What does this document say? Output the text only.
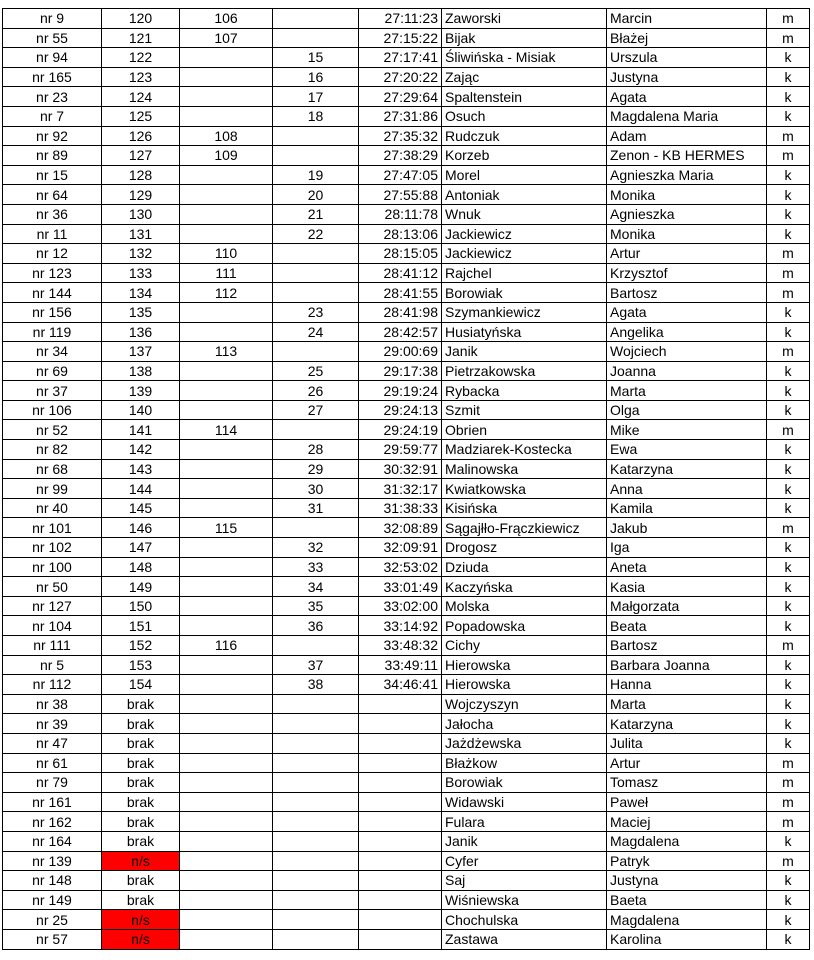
nr 9	120	106		27:11:23	Zaworski	Marcin	m
nr 55	121	107		27:15:22	Bijak	Błażej	m
nr 94	122		15	27:17:41	Śliwińska - Misiak	Urszula	k
nr 165	123		16	27:20:22	Zając	Justyna	k
nr 23	124		17	27:29:64	Spaltenstein	Agata	k
nr 7	125		18	27:31:86	Osuch	Magdalena Maria	k
nr 92	126	108		27:35:32	Rudczuk	Adam	m
nr 89	127	109		27:38:29	Korzeb	Zenon - KB HERMES	m
nr 15	128		19	27:47:05	Morel	Agnieszka Maria	k
nr 64	129		20	27:55:88	Antoniak	Monika	k
nr 36	130		21	28:11:78	Wnuk	Agnieszka	k
nr 11	131		22	28:13:06	Jackiewicz	Monika	k
nr 12	132	110		28:15:05	Jackiewicz	Artur	m
nr 123	133	111		28:41:12	Rajchel	Krzysztof	m
nr 144	134	112		28:41:55	Borowiak	Bartosz	m
nr 156	135		23	28:41:98	Szymankiewicz	Agata	k
nr 119	136		24	28:42:57	Husiatyńska	Angelika	k
nr 34	137	113		29:00:69	Janik	Wojciech	m
nr 69	138		25	29:17:38	Pietrzakowska	Joanna	k
nr 37	139		26	29:19:24	Rybacka	Marta	k
nr 106	140		27	29:24:13	Szmit	Olga	k
nr 52	141	114		29:24:19	Obrien	Mike	m
nr 82	142		28	29:59:77	Madziarek-Kostecka	Ewa	k
nr 68	143		29	30:32:91	Malinowska	Katarzyna	k
nr 99	144		30	31:32:17	Kwiatkowska	Anna	k
nr 40	145		31	31:38:33	Kisińska	Kamila	k
nr 101	146	115		32:08:89	Sągajłło-Frączkiewicz	Jakub	m
nr 102	147		32	32:09:91	Drogosz	Iga	k
nr 100	148		33	32:53:02	Dziuda	Aneta	k
nr 50	149		34	33:01:49	Kaczyńska	Kasia	k
nr 127	150		35	33:02:00	Molska	Małgorzata	k
nr 104	151		36	33:14:92	Popadowska	Beata	k
nr 111	152	116		33:48:32	Cichy	Bartosz	m
nr 5	153		37	33:49:11	Hierowska	Barbara Joanna	k
nr 112	154		38	34:46:41	Hierowska	Hanna	k
nr 38	brak				Wojczyszyn	Marta	k
nr 39	brak				Jałocha	Katarzyna	k
nr 47	brak				Jażdżewska	Julita	k
nr 61	brak				Błażkow	Artur	m
nr 79	brak				Borowiak	Tomasz	m
nr 161	brak				Widawski	Paweł	m
nr 162	brak				Fulara	Maciej	m
nr 164	brak				Janik	Magdalena	k
nr 139	n/s				Cyfer	Patryk	m
nr 148	brak				Saj	Justyna	k
nr 149	brak				Wiśniewska	Baeta	k
nr 25	n/s				Chochulska	Magdalena	k
nr 57	n/s				Zastawa	Karolina	k
